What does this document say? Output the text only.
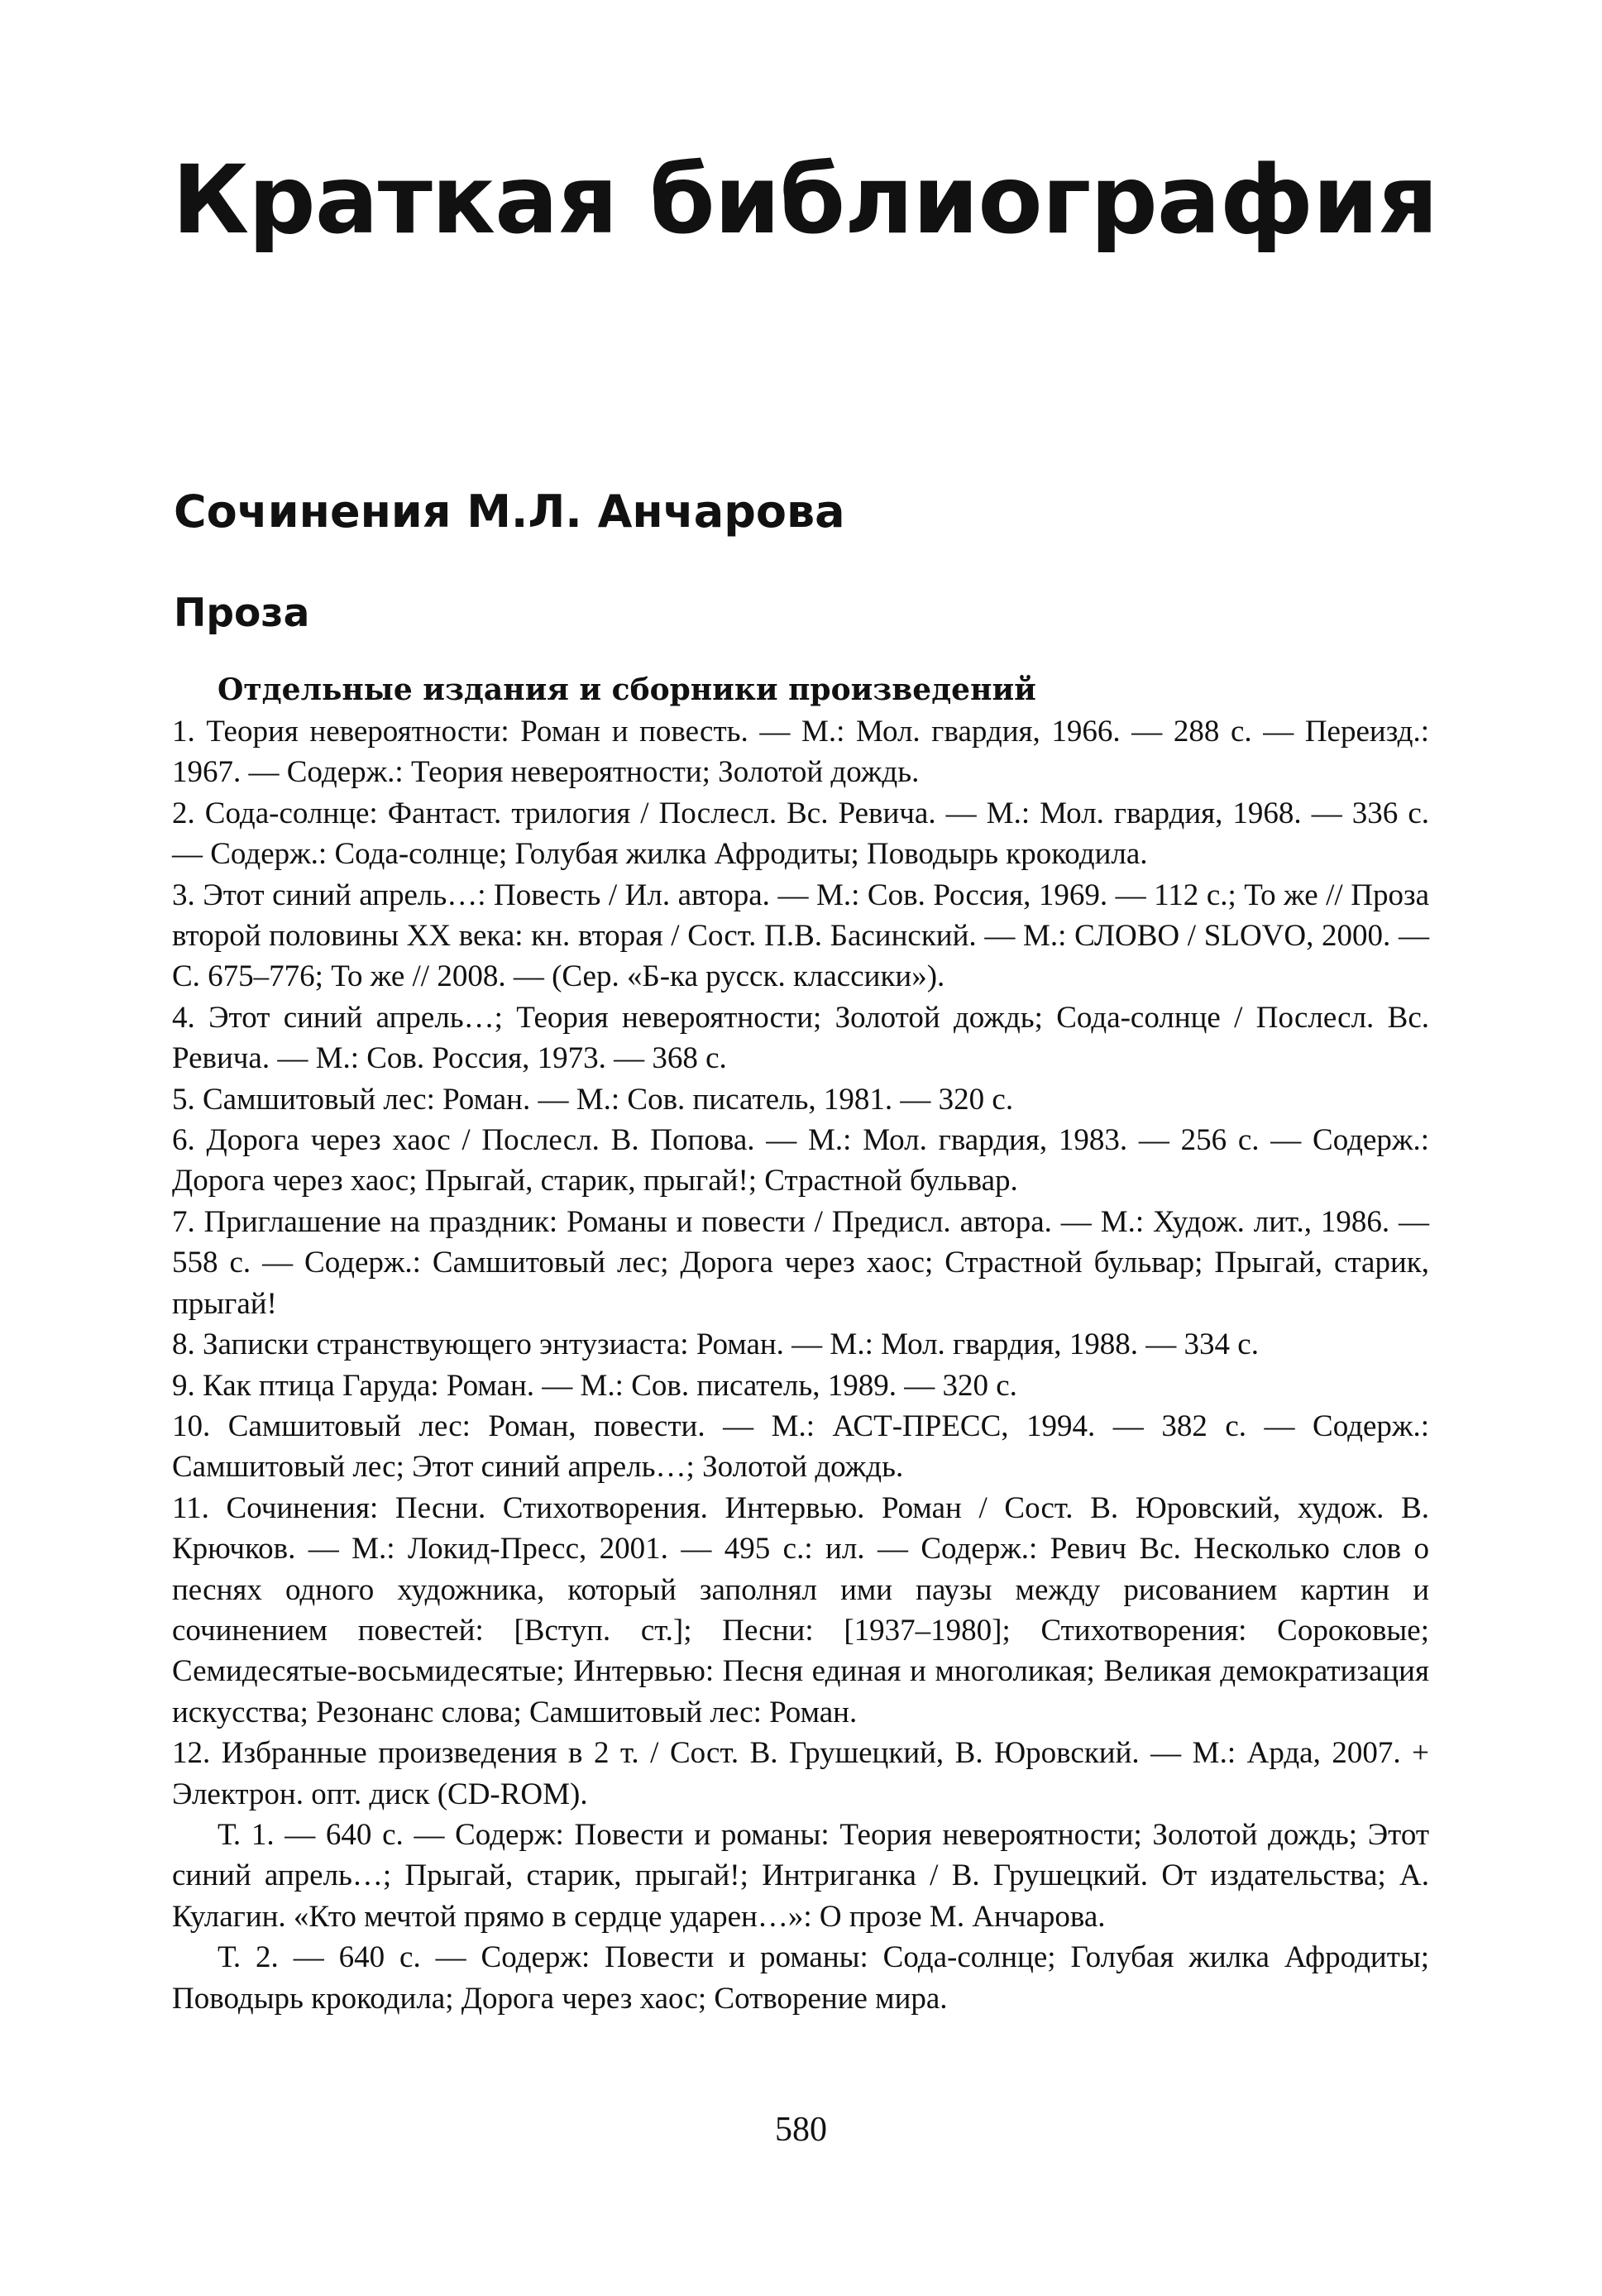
Краткая библиография
Сочинения М.Л. Анчарова
Проза

Отдельные издания и сборники произведений

1. Теория невероятности: Роман и повесть. — М.: Мол. гвардия, 1966. — 288 с. — Переизд.: 1967. — Содерж.: Теория невероятности; Золотой дождь.

2. Сода-солнце: Фантаст. трилогия / Послесл. Вс. Ревича. — М.: Мол. гвардия, 1968. — 336 с. — Содерж.: Сода-солнце; Голубая жилка Афродиты; Поводырь крокодила.

3. Этот синий апрель…: Повесть / Ил. автора. — М.: Сов. Россия, 1969. — 112 с.; То же // Проза второй половины XX века: кн. вторая / Сост. П.В. Басинский. — М.: СЛОВО / SLOVO, 2000. — С. 675–776; То же // 2008. — (Сер. «Б-ка русск. классики»).

4. Этот синий апрель…; Теория невероятности; Золотой дождь; Сода-солнце / Послесл. Вс. Ревича. — М.: Сов. Россия, 1973. — 368 с.

5. Самшитовый лес: Роман. — М.: Сов. писатель, 1981. — 320 с.

6. Дорога через хаос / Послесл. В. Попова. — М.: Мол. гвардия, 1983. — 256 с. — Содерж.: Дорога через хаос; Прыгай, старик, прыгай!; Страстной бульвар.

7. Приглашение на праздник: Романы и повести / Предисл. автора. — М.: Худож. лит., 1986. — 558 с. — Содерж.: Самшитовый лес; Дорога через хаос; Страстной бульвар; Прыгай, старик, прыгай!

8. Записки странствующего энтузиаста: Роман. — М.: Мол. гвардия, 1988. — 334 с.

9. Как птица Гаруда: Роман. — М.: Сов. писатель, 1989. — 320 с.

10. Самшитовый лес: Роман, повести. — М.: АСТ-ПРЕСС, 1994. — 382 с. — Содерж.: Самшитовый лес; Этот синий апрель…; Золотой дождь.

11. Сочинения: Песни. Стихотворения. Интервью. Роман / Сост. В. Юровский, худож. В. Крючков. — М.: Локид-Пресс, 2001. — 495 с.: ил. — Содерж.: Ревич Вс. Несколько слов о песнях одного художника, который заполнял ими паузы между рисованием картин и сочинением повестей: [Вступ. ст.]; Песни: [1937–1980]; Стихотворения: Сороковые; Семидесятые-восьмидесятые; Интервью: Песня единая и многоликая; Великая демократизация искусства; Резонанс слова; Самшитовый лес: Роман.

12. Избранные произведения в 2 т. / Сост. В. Грушецкий, В. Юровский. — М.: Арда, 2007. + Электрон. опт. диск (CD-ROM).

Т. 1. — 640 с. — Содерж: Повести и романы: Теория невероятности; Золотой дождь; Этот синий апрель…; Прыгай, старик, прыгай!; Интриганка / В. Грушецкий. От издательства; А. Кулагин. «Кто мечтой прямо в сердце ударен…»: О прозе М. Анчарова.

Т. 2. — 640 с. — Содерж: Повести и романы: Сода-солнце; Голубая жилка Афродиты; Поводырь крокодила; Дорога через хаос; Сотворение мира.

580
